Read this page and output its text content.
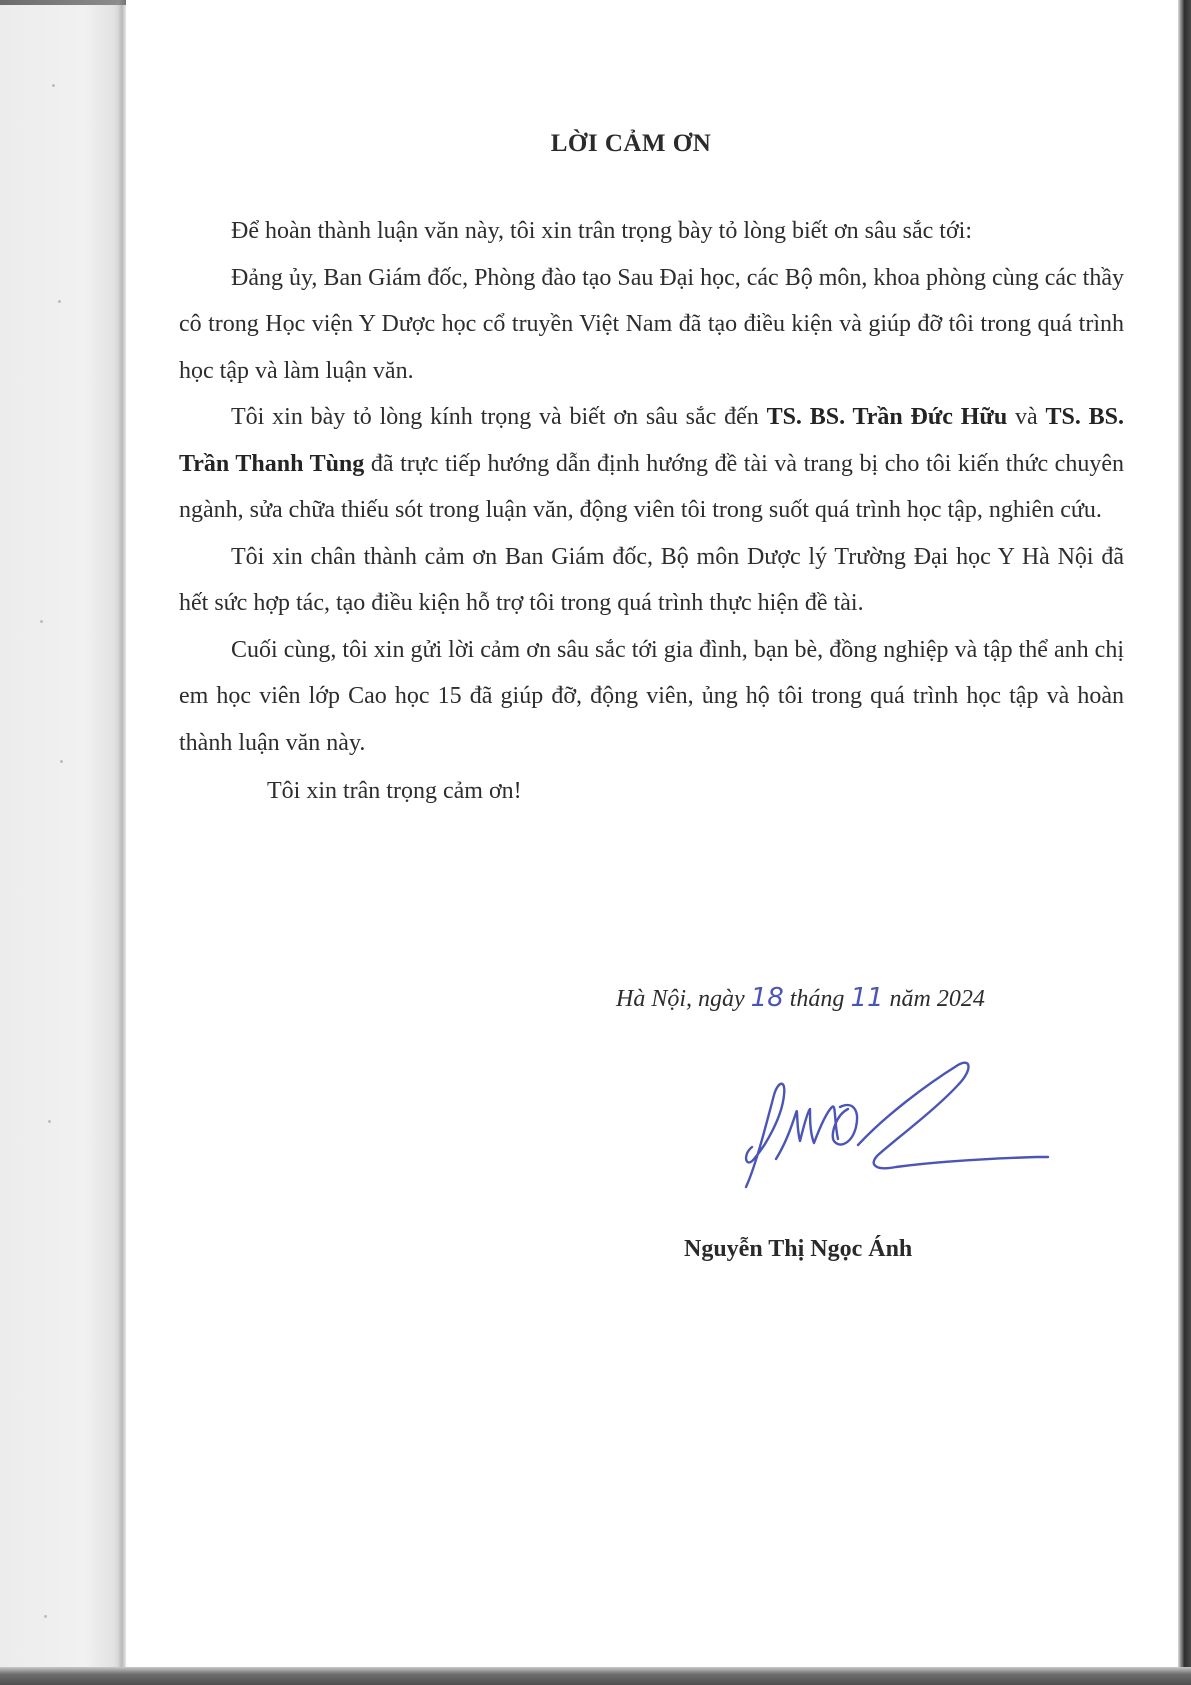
LỜI CẢM ƠN

Để hoàn thành luận văn này, tôi xin trân trọng bày tỏ lòng biết ơn sâu sắc tới:

Đảng ủy, Ban Giám đốc, Phòng đào tạo Sau Đại học, các Bộ môn, khoa phòng cùng các thầy cô trong Học viện Y Dược học cổ truyền Việt Nam đã tạo điều kiện và giúp đỡ tôi trong quá trình học tập và làm luận văn.

Tôi xin bày tỏ lòng kính trọng và biết ơn sâu sắc đến TS. BS. Trần Đức Hữu và TS. BS. Trần Thanh Tùng đã trực tiếp hướng dẫn định hướng đề tài và trang bị cho tôi kiến thức chuyên ngành, sửa chữa thiếu sót trong luận văn, động viên tôi trong suốt quá trình học tập, nghiên cứu.

Tôi xin chân thành cảm ơn Ban Giám đốc, Bộ môn Dược lý Trường Đại học Y Hà Nội đã hết sức hợp tác, tạo điều kiện hỗ trợ tôi trong quá trình thực hiện đề tài.

Cuối cùng, tôi xin gửi lời cảm ơn sâu sắc tới gia đình, bạn bè, đồng nghiệp và tập thể anh chị em học viên lớp Cao học 15 đã giúp đỡ, động viên, ủng hộ tôi trong quá trình học tập và hoàn thành luận văn này.

Tôi xin trân trọng cảm ơn!

Hà Nội, ngày 18 tháng 11 năm 2024
Nguyễn Thị Ngọc Ánh
